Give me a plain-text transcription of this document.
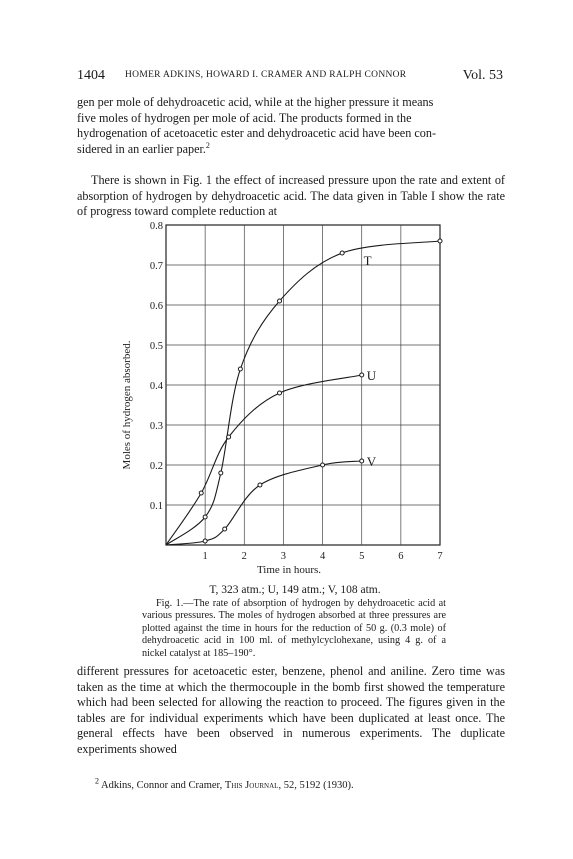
1404 HOMER ADKINS, HOWARD I. CRAMER AND RALPH CONNOR	Vol. 53
gen per mole of dehydroacetic acid, while at the higher pressure it means
five moles of hydrogen per mole of acid. The products formed in the
hydrogenation of acetoacetic ester and dehydroacetic acid have been con-
sidered in an earlier paper.$^2$

There is shown in Fig. 1 the effect of increased pressure upon the rate and extent of absorption of hydrogen by dehydroacetic acid. The data given in Table I show the rate of progress toward complete reduction at

1	2	3	4	5	6	7
0.1
0.2
0.3
0.4
0.5
0.6
0.7
0.8
Time in hours.
Moles of hydrogen absorbed.
T
U
V
T, 323 atm.; U, 149 atm.; V, 108 atm.
Fig. 1.—The rate of absorption of hydrogen by dehydroacetic acid at various pressures. The moles of hydrogen absorbed at three pressures are plotted against the time in hours for the reduction of 50 g. (0.3 mole) of dehydroacetic acid in 100 ml. of methylcyclohexane, using 4 g. of a nickel catalyst at 185–190°.

different pressures for acetoacetic ester, benzene, phenol and aniline. Zero time was taken as the time at which the thermocouple in the bomb first showed the temperature which had been selected for allowing the reaction to proceed. The figures given in the tables are for individual experiments which have been duplicated at least once. The general effects have been observed in numerous experiments. The duplicate experiments showed

$^2$ Adkins, Connor and Cramer, This Journal, 52, 5192 (1930).
